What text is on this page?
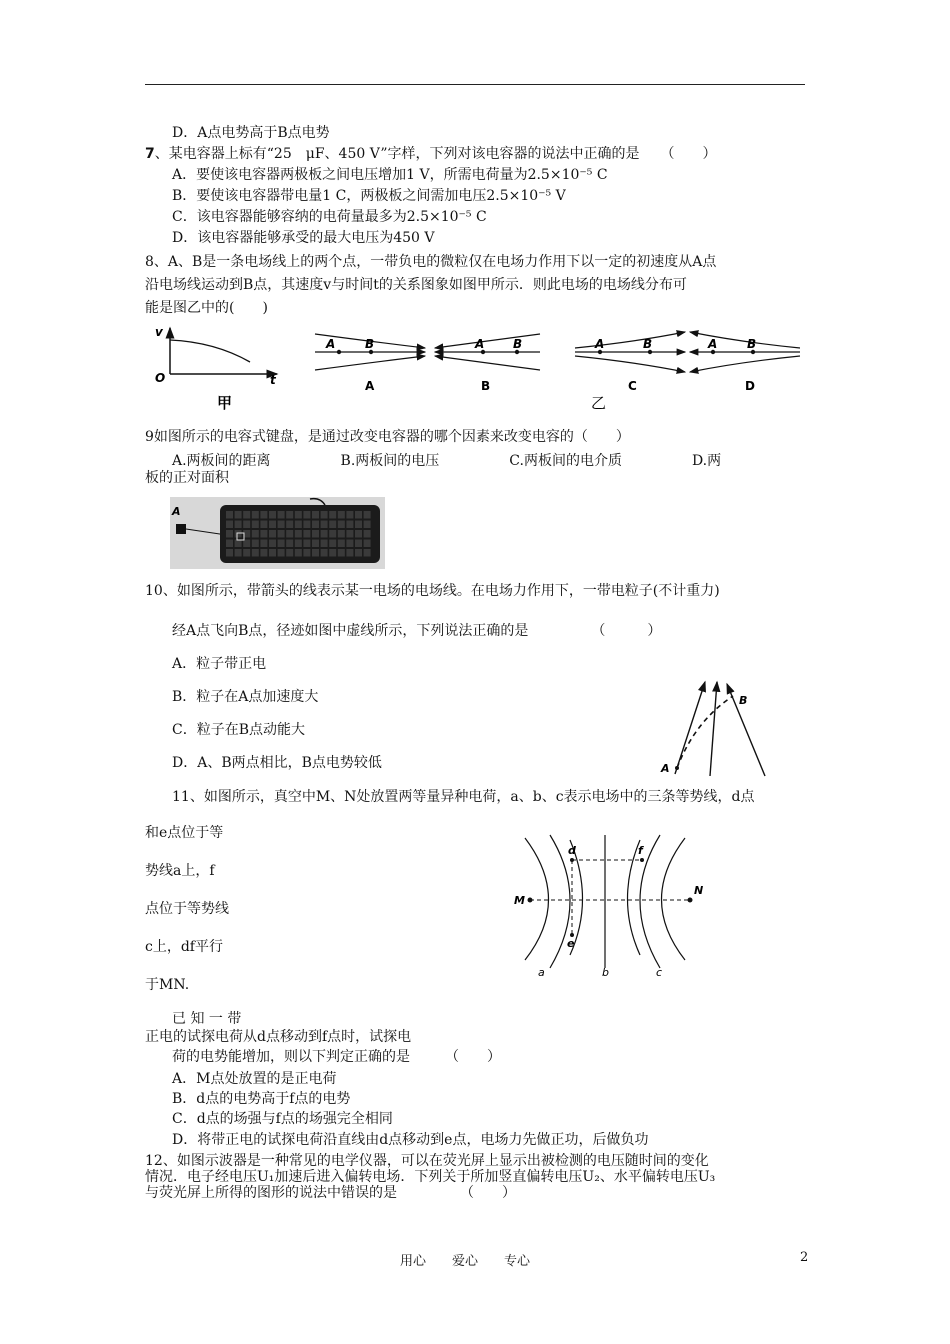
D．A点电势高于B点电势
7、某电容器上标有“25　μF、450 V”字样，下列对该电容器的说法中正确的是　　（　　）
A．要使该电容器两极板之间电压增加1 V，所需电荷量为2.5×10⁻⁵ C
B．要使该电容器带电量1 C，两极板之间需加电压2.5×10⁻⁵ V
C．该电容器能够容纳的电荷量最多为2.5×10⁻⁵ C
D．该电容器能够承受的最大电压为450 V
8、A、B是一条电场线上的两个点，一带负电的微粒仅在电场力作用下以一定的初速度从A点
沿电场线运动到B点，其速度v与时间t的关系图象如图甲所示．则此电场的电场线分布可
能是图乙中的(　　)
v
O	t
甲
A B
A
A B
B
A	B
C
A B
D
乙
9如图所示的电容式键盘，是通过改变电容器的哪个因素来改变电容的（　　）
A.两板间的距离　　　　　B.两板间的电压　　　　　C.两板间的电介质　　　　　D.两
板的正对面积
A
10、如图所示，带箭头的线表示某一电场的电场线。在电场力作用下，一带电粒子(不计重力)
经A点飞向B点，径迹如图中虚线所示，下列说法正确的是　　　　　（　　　）
A．粒子带正电
B．粒子在A点加速度大
C．粒子在B点动能大
D．A、B两点相比，B点电势较低	A
B
11、如图所示，真空中M、N处放置两等量异种电荷，a、b、c表示电场中的三条等势线，d点
和e点位于等
势线a上，f
点位于等势线
c上，df平行
于MN.
已 知 一 带
正电的试探电荷从d点移动到f点时，试探电
荷的电势能增加，则以下判定正确的是　　　（　　）
A．M点处放置的是正电荷
B．d点的电势高于f点的电势
C．d点的场强与f点的场强完全相同
D．将带正电的试探电荷沿直线由d点移动到e点，电场力先做正功，后做负功
M
N
d	f
e
a	b	c
12、如图示波器是一种常见的电学仪器，可以在荧光屏上显示出被检测的电压随时间的变化
情况．电子经电压U₁加速后进入偏转电场．下列关于所加竖直偏转电压U₂、水平偏转电压U₃
与荧光屏上所得的图形的说法中错误的是　　　　　（　　）
用心　　爱心　　专心	2
